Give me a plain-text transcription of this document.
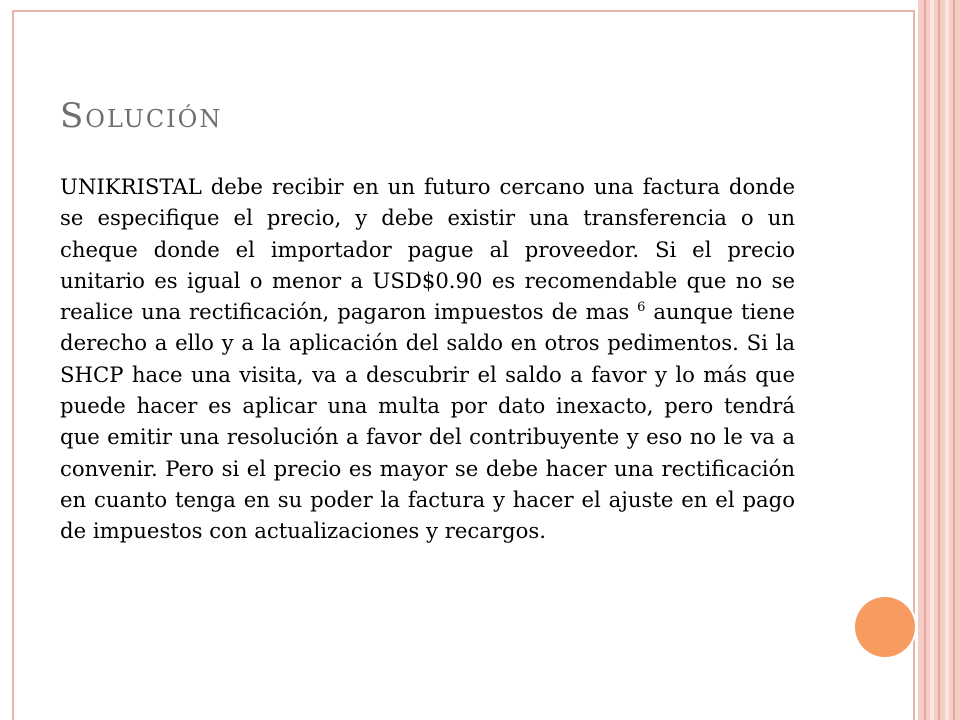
Solución

UNIKRISTAL debe recibir en un futuro cercano una factura donde se especifique el precio, y debe existir una transferencia o un cheque donde el importador pague al proveedor. Si el precio unitario es igual o menor a USD$0.90 es recomendable que no se realice una rectificación, pagaron impuestos de mas $^6$ aunque tiene derecho a ello y a la aplicación del saldo en otros pedimentos. Si la SHCP hace una visita, va a descubrir el saldo a favor y lo más que puede hacer es aplicar una multa por dato inexacto, pero tendrá que emitir una resolución a favor del contribuyente y eso no le va a convenir. Pero si el precio es mayor se debe hacer una rectificación en cuanto tenga en su poder la factura y hacer el ajuste en el pago de impuestos con actualizaciones y recargos.
